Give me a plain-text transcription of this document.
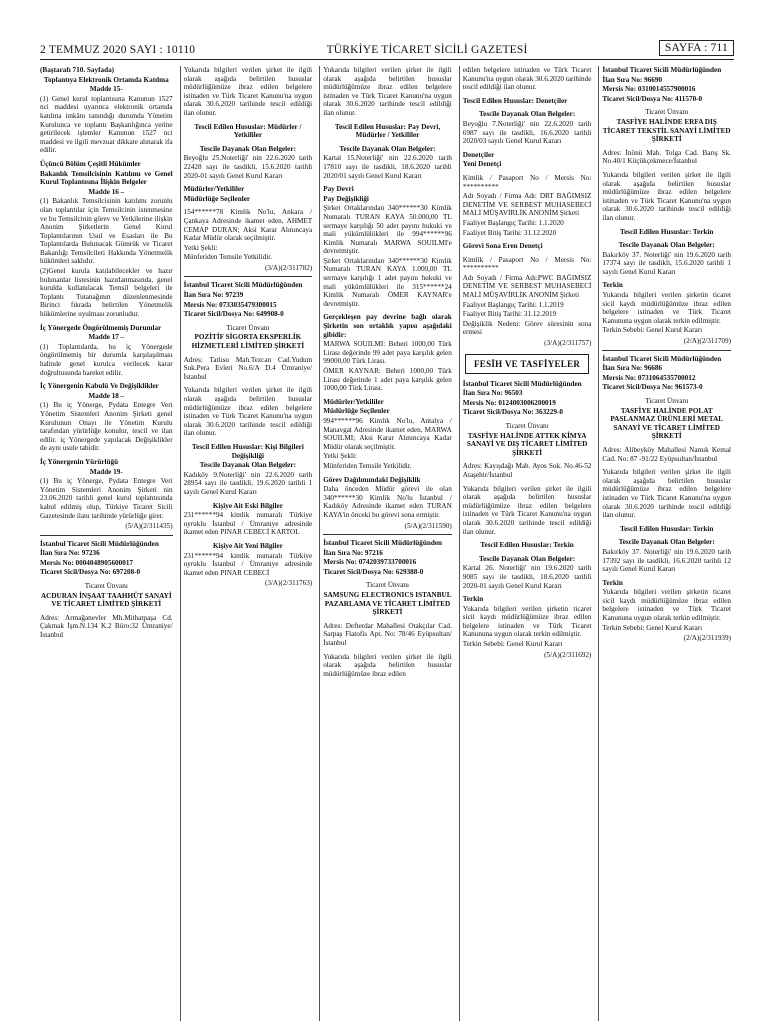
2 TEMMUZ 2020 SAYI : 10110	TÜRKİYE TİCARET SİCİLİ GAZETESİ	SAYFA : 711

(Baştarafı 710. Sayfada)

Toplantıya Elektronik Ortamda Katılma

Madde 15-

(1) Genel kurul toplantısına Kanunun 1527 nci maddesi uyarınca elektronik ortamda katılma imkânı tanındığı durumda Yönetim Kurulunca ve toplantı Başkanlığınca yerine getirilecek işlemler Kanunun 1527 nci maddesi ve ilgili mevzuat dikkate alınarak ifa edilir.

Üçüncü Bölüm Çeşitli Hükümler

Bakanlık Temsilcisinin Katılımı ve Genel Kurul Toplantısına İlişkin Belgeler

Madde 16 –

(1) Bakanlık Temsilcisinin katılımı zorunlu olan toplantılar için Temsilcinin istenmesine ve bu Temsilcinin görev ve Yetkilerine ilişkin Anonim Şirketlerin Genel Kurul Toplantılarının Usul ve Esasları ile Bu Toplantılarda Bulunacak Gümrük ve Ticaret Bakanlığı Temsilcileri Hakkında Yönetmelik hükümleri saklıdır.

(2)Genel kurula katılabilecekler ve hazır bulunanlar listesinin hazırlanmasında, genel kurulda kullanılacak Temsil belgeleri ile Toplantı Tutanağının düzenlenmesinde Birinci fıkrada belirtilen Yönetmelik hükümlerine uyulması zorunludur.

İç Yönergede Öngörülmemiş Durumlar

Madde 17 –

(1) Toplantılarda, bu iç Yönergede öngörülmemiş bir durumla karşılaşılması halinde genel kurulca verilecek karar doğrultusunda hareket edilir.

İç Yönergenin Kabulü Ve Değişiklikler

Madde 18 –

(1) Bu iç Yönerge, Pydata Entegre Veri Yönetim Sistemleri Anonim Şirketi genel Kurulunun Onayı ile Yönetim Kurulu tarafından yürürlüğe konulur, tescil ve ilan edilir. iç Yönergede yapılacak Değişiklikler de aynı usule tabidir.

İç Yönergenin Yürürlüğü

Madde 19-

(1) Bu iç Yönerge, Pydata Entegre Veri Yönetim Sistemleri Anonim Şirketi nin 23.06.2020 tarihli genel kurul toplantısında kabul edilmiş olup, Türkiye Ticaret Sicili Gazetesinde ilanı tarihinde yürürlüğe girer.

(5/A)(2/311435)

İstanbul Ticaret Sicili Müdürlüğünden

İlan Sıra No: 97236

Mersis No: 0004048905600017

Ticaret Sicil/Dosya No: 697208-0

Ticaret Ünvanı

ACDURAN İNŞAAT TAAHHÜT SANAYİ VE TİCARET LİMİTED ŞİRKETİ

Adres: Armağanevler Mh.Mithatpaşa Cd. Çakmak İşm.N.134 K.2 Büro:32 Ümraniye/İstanbul

Yukarıda bilgileri verilen şirket ile ilgili olarak aşağıda belirtilen hususlar müdürlüğümüze ibraz edilen belgelere istinaden ve Türk Ticaret Kanunu'na uygun olarak 30.6.2020 tarihinde tescil edildiği ilan olunur.

Tescil Edilen Hususlar: Müdürler / Yetkililer

Tescile Dayanak Olan Belgeler:

Beyoğlu 25.Noterliği' nin 22.6.2020 tarih 22428 sayı ile tasdikli, 15.6.2020 tarihli 2020-01 sayılı Genel Kurul Kararı

Müdürler/Yetkililer

Müdürlüğe Seçilenler

154******78 Kimlik No'lu, Ankara / Çankaya Adresinde ikamet eden, AHMET CEMAP DURAN; Aksi Karar Alınıncaya Kadar Müdür olarak seçilmiştir.

Yetki Şekli:

Münferiden Temsile Yetkilidir.

(3/A)(2/311782)

İstanbul Ticaret Sicili Müdürlüğünden

İlan Sıra No: 97239

Mersis No: 0733035479300015

Ticaret Sicil/Dosya No: 649908-0

Ticaret Ünvanı

POZİTİF SİGORTA EKSPERLİK HİZMETLERİ LİMİTED ŞİRKETİ

Adres: Tatlısu Mah.Tezcan Cad.Yudum Sok.Pera Evleri No.6/A D.4 Ümraniye/İstanbul

Yukarıda bilgileri verilen şirket ile ilgili olarak aşağıda belirtilen hususlar müdürlüğümüze ibraz edilen belgelere istinaden ve Türk Ticaret Kanunu'na uygun olarak 30.6.2020 tarihinde tescil edildiği ilan olunur.

Tescil Edilen Hususlar: Kişi Bilgileri Değişikliği

Tescile Dayanak Olan Belgeler:

Kadıköy 9.Noterliği' nin 22.6.2020 tarih 28954 sayı ile tasdikli, 19.6.2020 tarihli 1 sayılı Genel Kurul Kararı

Kişiye Ait Eski Bilgiler

231******94 kimlik numaralı Türkiye uyruklu İstanbul / Ümraniye adresinde ikamet eden PINAR CEBECİ KARTOL

Kişiye Ait Yeni Bilgiler

231******94 kimlik numaralı Türkiye uyruklu İstanbul / Ümraniye adresinde ikamet eden PINAR CEBECİ

(3/A)(2/311763)

Yukarıda bilgileri verilen şirket ile ilgili olarak aşağıda belirtilen hususlar müdürlüğümüze ibraz edilen belgelere istinaden ve Türk Ticaret Kanunu'na uygun olarak 30.6.2020 tarihinde tescil edildiği ilan olunur.

Tescil Edilen Hususlar: Pay Devri, Müdürler / Yetkililer

Tescile Dayanak Olan Belgeler:

Kartal 15.Noterliği' nin 22.6.2020 tarih 17810 sayı ile tasdikli, 18.6.2020 tarihli 2020/01 sayılı Genel Kurul Kararı

Pay Devri

Pay Değişikliği

Şirket Ortaklarından 340******30 Kimlik Numaralı TURAN KAYA 50.000,00 TL sermaye karşılığı 50 adet payını hukuki ve mali yükümlülükleri ile 994******96 Kimlik Numaralı MARWA SOUILMI'e devretmiştir.

Şirket Ortaklarından 340******30 Kimlik Numaralı TURAN KAYA 1.000,00 TL sermaye karşılığı 1 adet payını hukuki ve mali yükümlülükleri ile 315******24 Kimlik Numaralı ÖMER KAYNAR'e devretmiştir.

Gerçekleşen pay devrine bağlı olarak Şirketin son ortaklık yapısı aşağıdaki gibidir:

MARWA SOUILMI: Beheri 1000,00 Türk Lirası değerinde 99 adet paya karşılık gelen 99000,00 Türk Lirası.

ÖMER KAYNAR: Beheri 1000,00 Türk Lirası değerinde 1 adet paya karşılık gelen 1000,00 Türk Lirası.

Müdürler/Yetkililer

Müdürlüğe Seçilenler

994******96 Kimlik No'lu, Antalya / Manavgat Adresinde ikamet eden, MARWA SOUILMI; Aksi Karar Alınıncaya Kadar Müdür olarak seçilmiştir.

Yetki Şekli:

Münferiden Temsile Yetkilidir.

Görev Dağılımındaki Değişiklik

Daha önceden Müdür görevi ile olan 340******30 Kimlik No'lu İstanbul / Kadıköy Adresinde ikamet eden TURAN KAYA'in önceki bu görevi sona ermiştir.

(5/A)(2/311590)

İstanbul Ticaret Sicili Müdürlüğünden

İlan Sıra No: 97216

Mersis No: 0742039733700016

Ticaret Sicil/Dosya No: 629388-0

Ticaret Ünvanı

SAMSUNG ELECTRONICS ISTANBUL PAZARLAMA VE TİCARET LİMİTED ŞİRKETİ

Adres: Defterdar Mahallesi Otakçılar Cad. Sarpaş Flatofis Apt. No: 78/46 Eyüpsultan/İstanbul

Yukarıda bilgileri verilen şirket ile ilgili olarak aşağıda belirtilen hususlar müdürlüğümüze ibraz edilen

edilen belgelere istinaden ve Türk Ticaret Kanunu'na uygun olarak 30.6.2020 tarihinde tescil edildiği ilan olunur.

Tescil Edilen Hususlar: Denetçiler

Tescile Dayanak Olan Belgeler:

Beyoğlu 7.Noterliği' nin 22.6.2020 tarih 6987 sayı ile tasdikli, 16.6.2020 tarihli 2020/03 sayılı Genel Kurul Kararı

Denetçiler

Yeni Denetçi

Kimlik / Pasaport No / Mersis No: **********

Adı Soyadı / Firma Adı: DRT BAĞIMSIZ DENETİM VE SERBEST MUHASEBECİ MALİ MÜŞAVİRLİK ANONİM Şirketi

Faaliyet Başlangıç Tarihi: 1.1.2020

Faaliyet Bitiş Tarihi: 31.12.2020

Görevi Sona Eren Denetçi

Kimlik / Pasaport No / Mersis No: **********

Adı Soyadı / Firma Adı:PWC BAĞIMSIZ DENETİM VE SERBEST MUHASEBECİ MALİ MÜŞAVİRLİK ANONİM Şirketi

Faaliyet Başlangıç Tarihi: 1.1.2019

Faaliyet Bitiş Tarihi: 31.12.2019

Değişiklik Nedeni: Görev süresinin sona ermesi

(3/A)(2/311757)

FESİH VE TASFİYELER

İstanbul Ticaret Sicili Müdürlüğünden

İlan Sıra No: 96503

Mersis No: 0124003006200019

Ticaret Sicil/Dosya No: 363229-0

Ticaret Ünvanı

TASFİYE HALİNDE ATTEK KİMYA SANAYİ VE DIŞ TİCARET LİMİTED ŞİRKETİ

Adres: Kayışdağı Mah. Ayos Sok. No.46-52 Ataşehir/İstanbul

Yukarıda bilgileri verilen şirket ile ilgili olarak aşağıda belirtilen hususlar müdürlüğümüze ibraz edilen belgelere istinaden ve Türk Ticaret Kanunu'na uygun olarak 30.6.2020 tarihinde tescil edildiği ilan olunur.

Tescil Edilen Hususlar: Terkin

Tescile Dayanak Olan Belgeler:

Kartal 26. Noterliği' nin 19.6.2020 tarih 9085 sayı ile tasdikli, 18.6.2020 tarihli 2020-01 sayılı Genel Kurul Kararı

Terkin

Yukarıda bilgileri verilen şirketin ticaret sicil kaydı müdürlüğümüze ibraz edilen belgelere istinaden ve Türk Ticaret Kanununa uygun olarak terkin edilmiştir.

Terkin Sebebi: Genel Kurul Kararı

(5/A)(2/311692)

İstanbul Ticaret Sicili Müdürlüğünden

İlan Sıra No: 96690

Mersis No: 0310014557900016

Ticaret Sicil/Dosya No: 411570-0

Ticaret Ünvanı

TASFİYE HALİNDE ERFA DIŞ TİCARET TEKSTİL SANAYİ LİMİTED ŞİRKETİ

Adres: İnönü Mah. Tolga Cad. Barış Sk. No.40/1 Küçükçekmece/İstanbul

Yukarıda bilgileri verilen şirket ile ilgili olarak aşağıda belirtilen hususlar müdürlüğümüze ibraz edilen belgelere istinaden ve Türk Ticaret Kanunu'na uygun olarak 30.6.2020 tarihinde tescil edildiği ilan olunur.

Tescil Edilen Hususlar: Terkin

Tescile Dayanak Olan Belgeler:

Bakırköy 37. Noterliği' nin 19.6.2020 tarih 17374 sayı ile tasdikli, 15.6.2020 tarihli 1 sayılı Genel Kurul Kararı

Terkin

Yukarıda bilgileri verilen şirketin ticaret sicil kaydı müdürlüğümüze ibraz edilen belgelere istinaden ve Türk Ticaret Kanununa uygun olarak terkin edilmiştir.

Terkin Sebebi: Genel Kurul Kararı

(2/A)(2/311709)

İstanbul Ticaret Sicili Müdürlüğünden

İlan Sıra No: 96686

Mersis No: 0731064535700012

Ticaret Sicil/Dosya No: 961573-0

Ticaret Ünvanı

TASFİYE HALİNDE POLAT PASLANMAZ ÜRÜNLERİ METAL SANAYİ VE TİCARET LİMİTED ŞİRKETİ

Adres: Alibeyköy Mahallesi Namık Kemal Cad. No: 87 -91/22 Eyüpsultan/İstanbul

Yukarıda bilgileri verilen şirket ile ilgili olarak aşağıda belirtilen hususlar müdürlüğümüze ibraz edilen belgelere istinaden ve Türk Ticaret Kanunu'na uygun olarak 30.6.2020 tarihinde tescil edildiği ilan olunur.

Tescil Edilen Hususlar: Terkin

Tescile Dayanak Olan Belgeler:

Bakırköy 37. Noterliği' nin 19.6.2020 tarih 17392 sayı ile tasdikli, 16.6.2020 tarihli 12 sayılı Genel Kurul Kararı

Terkin

Yukarıda bilgileri verilen şirketin ticaret sicil kaydı müdürlüğümüze ibraz edilen belgelere istinaden ve Türk Ticaret Kanununa uygun olarak terkin edilmiştir.

Terkin Sebebi: Genel Kurul Kararı

(2/A)(2/311939)
